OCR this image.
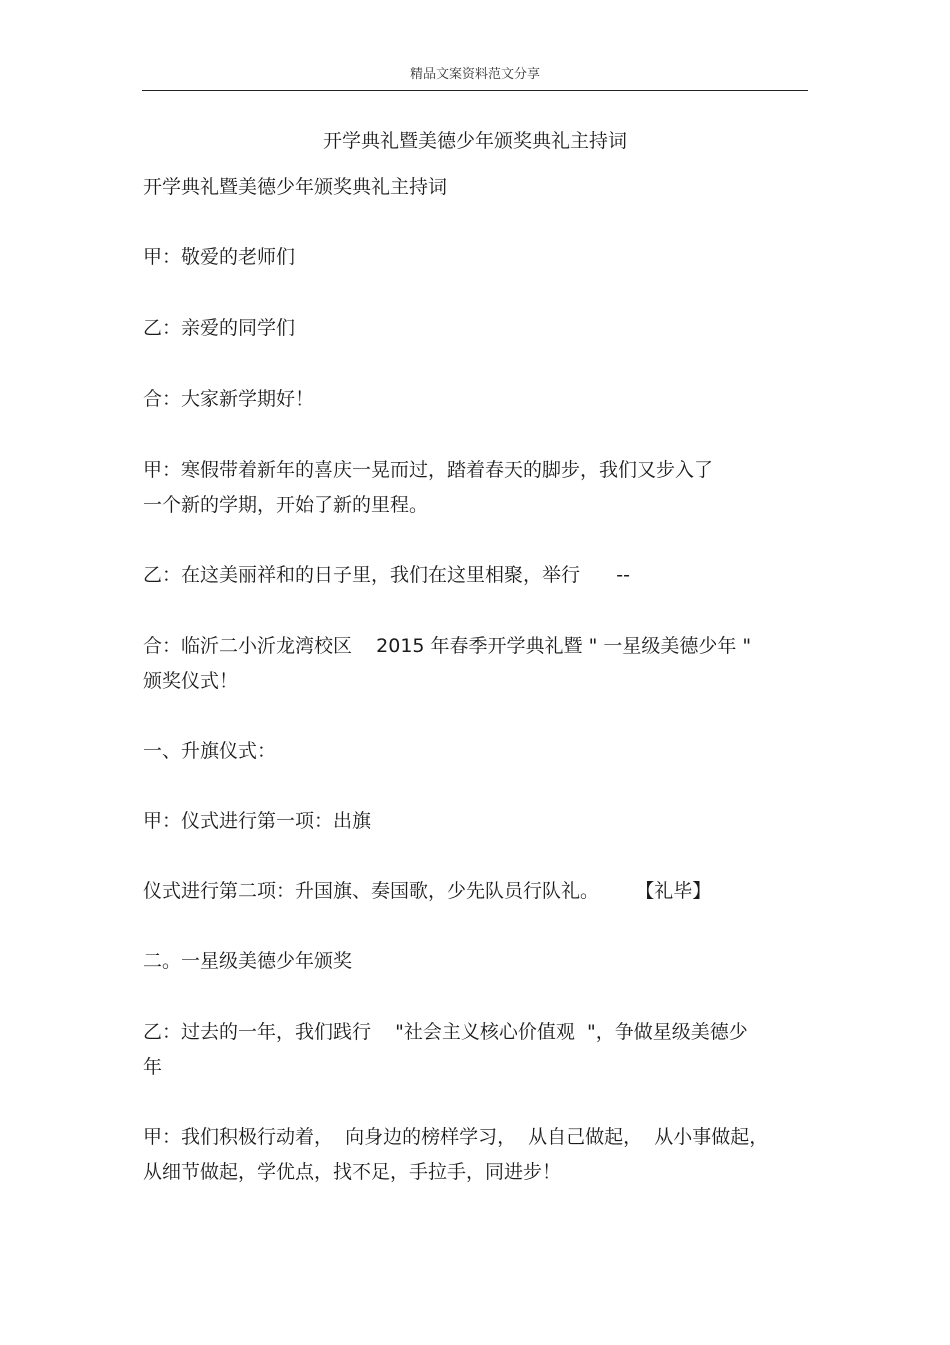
精品文案资料范文分享
开学典礼暨美德少年颁奖典礼主持词
开学典礼暨美德少年颁奖典礼主持词
甲：敬爱的老师们
乙：亲爱的同学们
合：大家新学期好！
甲：寒假带着新年的喜庆一晃而过，踏着春天的脚步，我们又步入了
一个新的学期，开始了新的里程。
乙：在这美丽祥和的日子里，我们在这里相聚，举行      --
合：临沂二小沂龙湾校区    2015 年春季开学典礼暨 " 一星级美德少年 "
颁奖仪式！
一、升旗仪式：
甲：仪式进行第一项：出旗
仪式进行第二项：升国旗、奏国歌，少先队员行队礼。      【礼毕】
二。一星级美德少年颁奖
乙：过去的一年，我们践行    "社会主义核心价值观  "，争做星级美德少
年
甲：我们积极行动着，  向身边的榜样学习，  从自己做起，  从小事做起，
从细节做起，学优点，找不足，手拉手，同进步！
